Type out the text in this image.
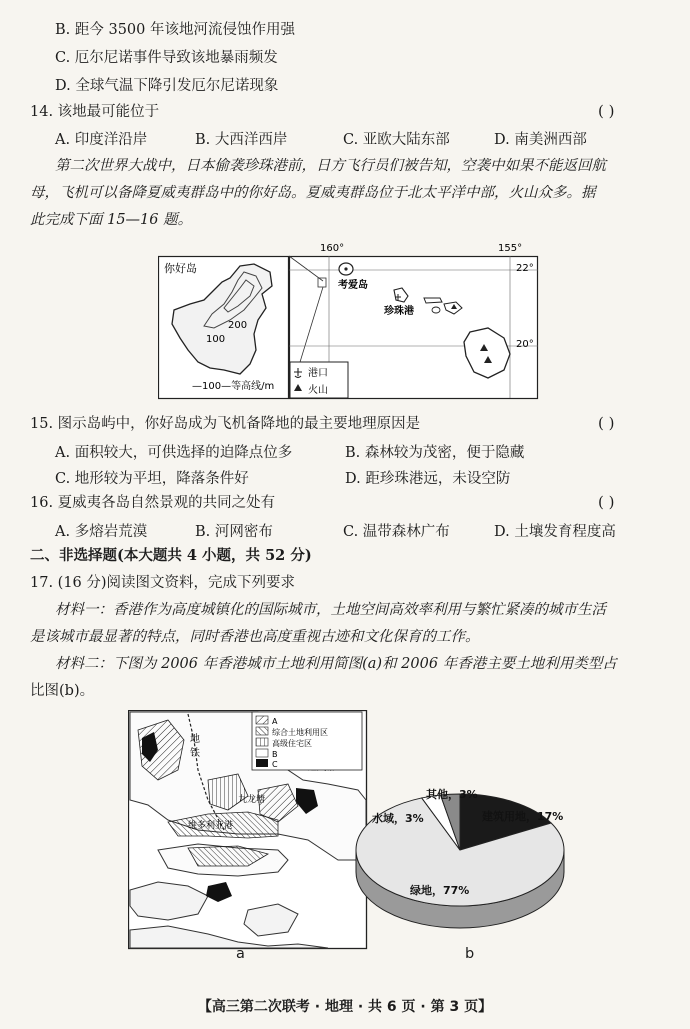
B. 距今 3500 年该地河流侵蚀作用强
C. 厄尔尼诺事件导致该地暴雨频发
D. 全球气温下降引发厄尔尼诺现象
14. 该地最可能位于	( )
A. 印度洋沿岸	B. 大西洋西岸	C. 亚欧大陆东部	D. 南美洲西部
第二次世界大战中，日本偷袭珍珠港前，日方飞行员们被告知，空袭中如果不能返回航
母，飞机可以备降夏威夷群岛中的你好岛。夏威夷群岛位于北太平洋中部，火山众多。据
此完成下面 15—16 题。
你好岛
200
100
—100—等高线/m
160°	155°
22°
20°
考爱岛
珍珠港
港口
火山
15. 图示岛屿中，你好岛成为飞机备降地的最主要地理原因是	( )
A. 面积较大，可供选择的迫降点位多	B. 森林较为茂密，便于隐藏
C. 地形较为平坦，降落条件好	D. 距珍珠港远，未设空防
16. 夏威夷各岛自然景观的共同之处有	( )
A. 多熔岩荒漠	B. 河网密布	C. 温带森林广布	D. 土壤发育程度高
二、非选择题(本大题共 4 小题，共 52 分)
17. (16 分)阅读图文资料，完成下列要求
材料一：香港作为高度城镇化的国际城市，土地空间高效率利用与繁忙紧凑的城市生活
是该城市最显著的特点，同时香港也高度重视古迹和文化保育的工作。
材料二：下图为 2006 年香港城市土地利用简图(a)和 2006 年香港主要土地利用类型占
比图(b)。
地
铁
九龙塘
维多利亚港
A
综合土地利用区
高级住宅区
B
C
a
建筑用地，17%
绿地，77%
水域，3%
其他，3%
b
【高三第二次联考 · 地理 · 共 6 页 · 第 3 页】
